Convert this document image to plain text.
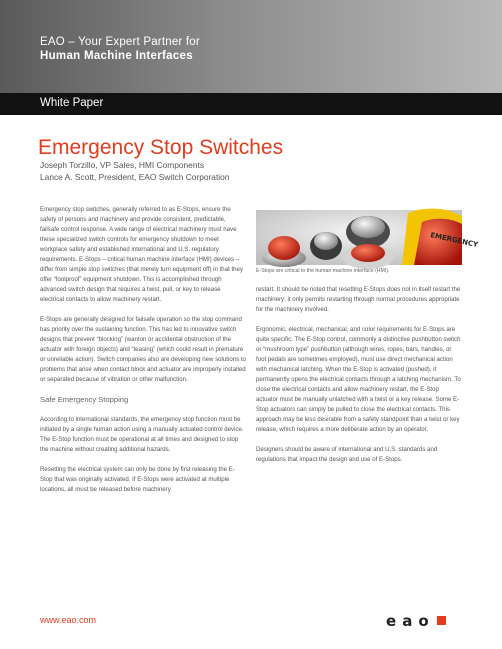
EAO – Your Expert Partner for
Human Machine Interfaces
White Paper
Emergency Stop Switches
Joseph Torzillo, VP Sales, HMI Components
Lance A. Scott, President, EAO Switch Corporation

Emergency stop switches, generally referred to as E-Stops, ensure the safety of persons and machinery and provide consistent, predictable, failsafe control response. A wide range of electrical machinery must have these specialized switch controls for emergency shutdown to meet workplace safety and established international and U.S. regulatory requirements. E-Stops – critical human machine interface (HMI) devices – differ from simple stop switches (that merely turn equipment off) in that they offer “foolproof” equipment shutdown. This is accomplished through advanced switch design that requires a twist, pull, or key to release electrical contacts to allow machinery restart.

E-Stops are generally designed for failsafe operation so the stop command has priority over the sustaining function. This has led to innovative switch designs that prevent “blocking” (wanton or accidental obstruction of the actuator with foreign objects) and “teasing” (which could result in premature or unreliable action). Switch companies also are developing new solutions to problems that arise when contact block and actuator are improperly installed or separated because of vibration or other malfunction.

Safe Emergency Stopping

According to international standards, the emergency stop function must be initiated by a single human action using a manually actuated control device. The E-Stop function must be operational at all times and designed to stop the machine without creating additional hazards.

Resetting the electrical system can only be done by first releasing the E-Stop that was originally activated. If E-Stops were activated at multiple locations, all must be released before machinery

EMERGENCY
E-Stops are critical to the human machine interface (HMI).

restart. It should be noted that resetting E-Stops does not in itself restart the machinery; it only permits restarting through normal procedures appropriate for the machinery involved.

Ergonomic, electrical, mechanical, and color requirements for E-Stops are quite specific. The E-Stop control, commonly a distinctive pushbutton switch or “mushroom type” pushbutton (although wires, ropes, bars, handles, or foot pedals are sometimes employed), must use direct mechanical action with mechanical latching. When the E-Stop is activated (pushed), it permanently opens the electrical contacts through a latching mechanism. To close the electrical contacts and allow machinery restart, the E-Stop actuator must be manually unlatched with a twist or a key release. Some E-Stop actuators can simply be pulled to close the electrical contacts. This approach may be less desirable from a safety standpoint than a twist or key release, which requires a more deliberate action by an operator.

Designers should be aware of international and U.S. standards and regulations that impact the design and use of E-Stops.

www.eao.com	e a o
